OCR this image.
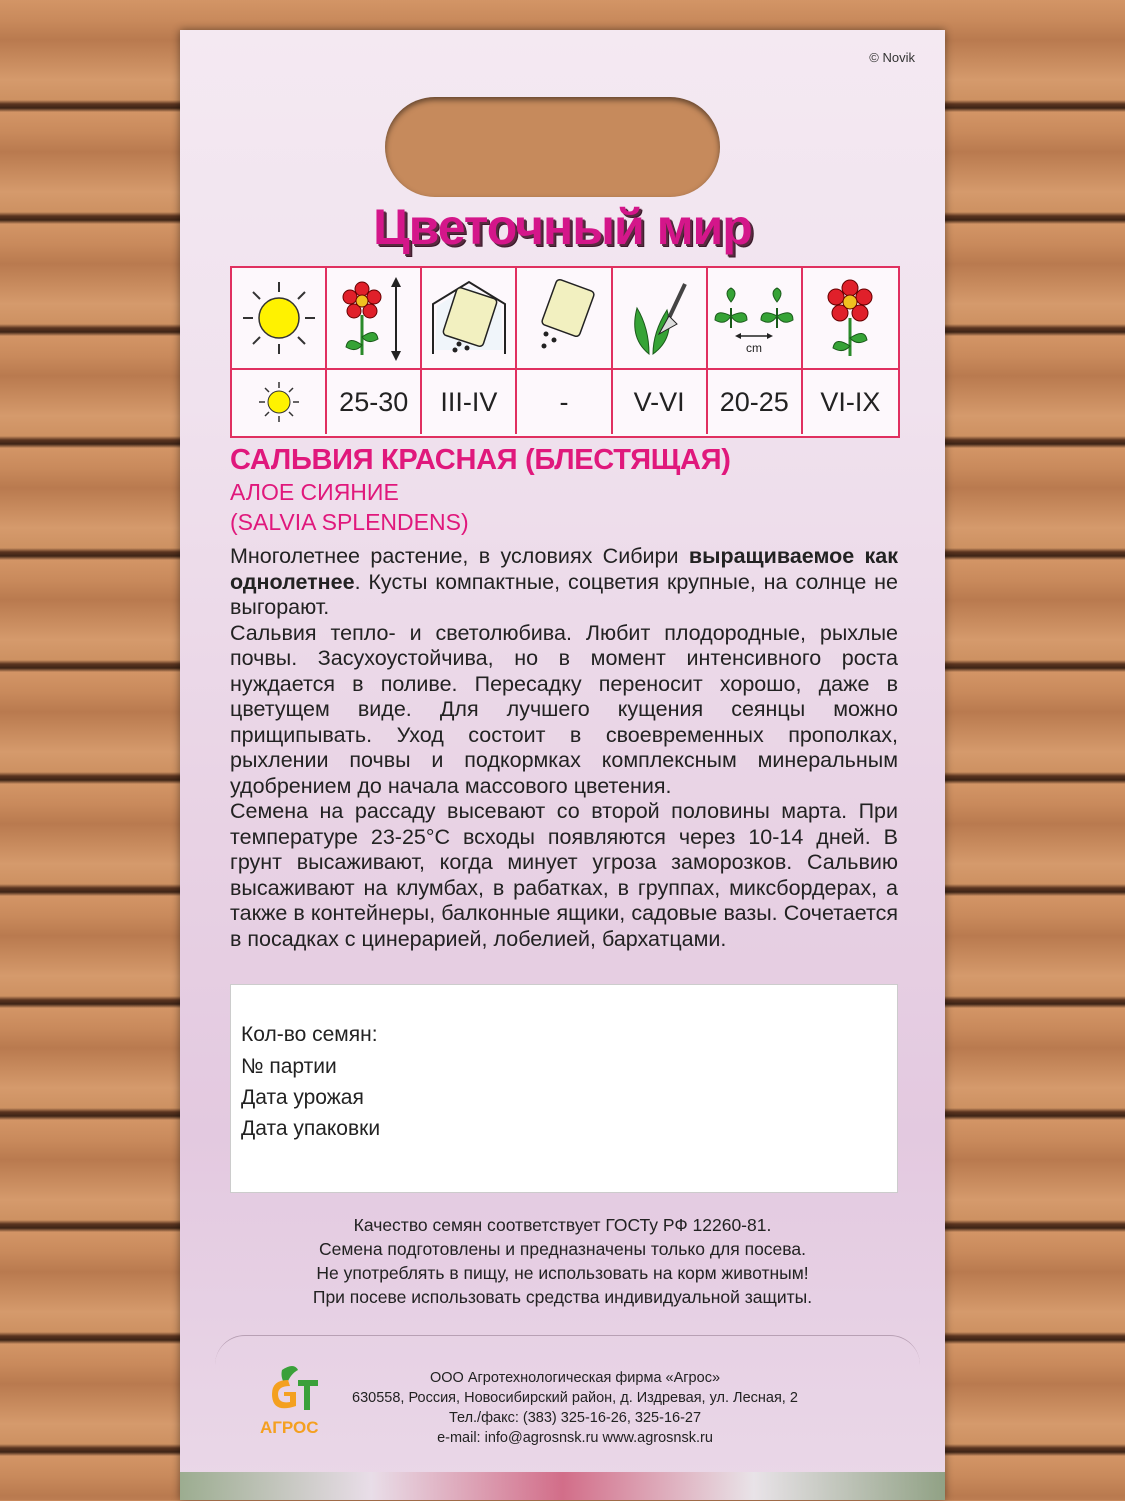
© Novik
Цветочный мир
cm
25-30	III-IV	-	V-VI	20-25	VI-IX
САЛЬВИЯ КРАСНАЯ (БЛЕСТЯЩАЯ)
АЛОЕ СИЯНИЕ
(SALVIA SPLENDENS)

Многолетнее растение, в условиях Сибири выращиваемое как однолетнее. Кусты компактные, соцветия крупные, на солнце не выгорают.

Сальвия тепло- и светолюбива. Любит плодородные, рыхлые почвы. Засухоустойчива, но в момент интенсивного роста нуждается в поливе. Пересадку переносит хорошо, даже в цветущем виде. Для лучшего кущения сеянцы можно прищипывать. Уход состоит в своевременных прополках, рыхлении почвы и подкормках комплексным минеральным удобрением до начала массового цветения.

Семена на рассаду высевают со второй половины марта. При температуре 23-25°С всходы появляются через 10-14 дней. В грунт высаживают, когда минует угроза заморозков. Сальвию высаживают на клумбах, в рабатках, в группах, миксбордерах, а также в контейнеры, балконные ящики, садовые вазы. Сочетается в посадках с цинерарией, лобелией, бархатцами.

Кол-во семян:
№ партии
Дата урожая
Дата упаковки
Качество семян соответствует ГОСТу РФ 12260-81.
Семена подготовлены и предназначены только для посева.
Не употреблять в пищу, не использовать на корм животным!
При посеве использовать средства индивидуальной защиты.
АГРОС
ООО Агротехнологическая фирма «Агрос»
630558, Россия, Новосибирский район, д. Издревая, ул. Лесная, 2
Тел./факс: (383) 325-16-26, 325-16-27
e-mail: info@agrosnsk.ru www.agrosnsk.ru
